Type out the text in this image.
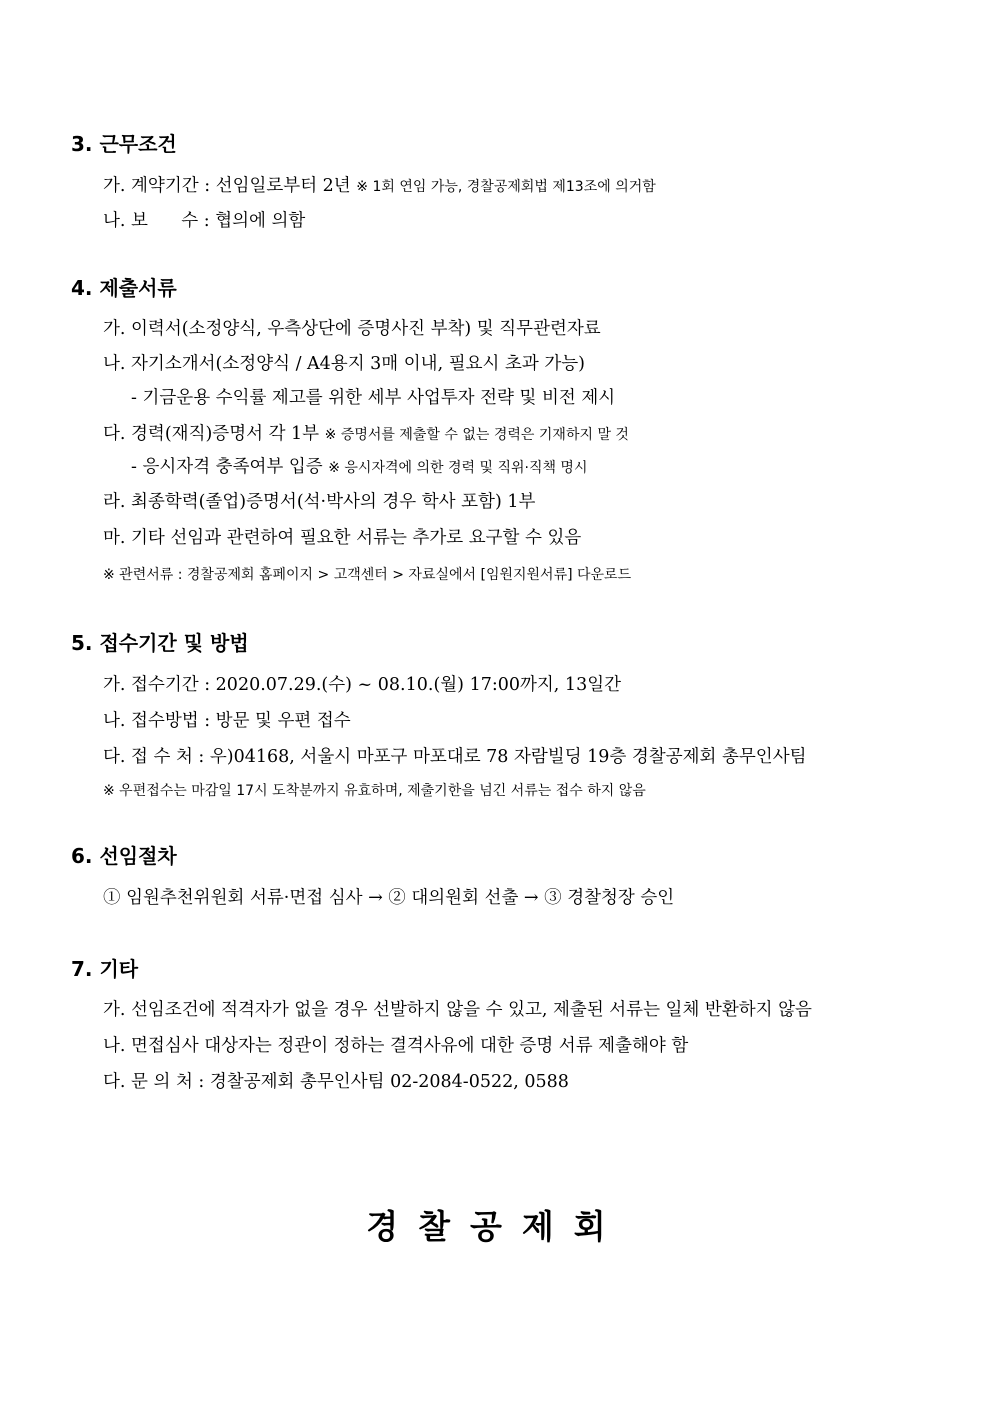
3. 근무조건
가. 계약기간 : 선임일로부터 2년 ※ 1회 연임 가능, 경찰공제회법 제13조에 의거함
나. 보      수 : 협의에 의함
4. 제출서류
가. 이력서(소정양식, 우측상단에 증명사진 부착) 및 직무관련자료
나. 자기소개서(소정양식 / A4용지 3매 이내, 필요시 초과 가능)
- 기금운용 수익률 제고를 위한 세부 사업투자 전략 및 비전 제시
다. 경력(재직)증명서 각 1부 ※ 증명서를 제출할 수 없는 경력은 기재하지 말 것
- 응시자격 충족여부 입증 ※ 응시자격에 의한 경력 및 직위·직책 명시
라. 최종학력(졸업)증명서(석·박사의 경우 학사 포함) 1부
마. 기타 선임과 관련하여 필요한 서류는 추가로 요구할 수 있음
※ 관련서류 : 경찰공제회 홈페이지 > 고객센터 > 자료실에서 [임원지원서류] 다운로드
5. 접수기간 및 방법
가. 접수기간 : 2020.07.29.(수) ~ 08.10.(월) 17:00까지, 13일간
나. 접수방법 : 방문 및 우편 접수
다. 접 수 처 : 우)04168, 서울시 마포구 마포대로 78 자람빌딩 19층 경찰공제회 총무인사팀
※ 우편접수는 마감일 17시 도착분까지 유효하며, 제출기한을 넘긴 서류는 접수 하지 않음
6. 선임절차
① 임원추천위원회 서류·면접 심사 → ② 대의원회 선출 → ③ 경찰청장 승인
7. 기타
가. 선임조건에 적격자가 없을 경우 선발하지 않을 수 있고, 제출된 서류는 일체 반환하지 않음
나. 면접심사 대상자는 정관이 정하는 결격사유에 대한 증명 서류 제출해야 함
다. 문 의 처 : 경찰공제회 총무인사팀 02-2084-0522, 0588
경찰공제회
